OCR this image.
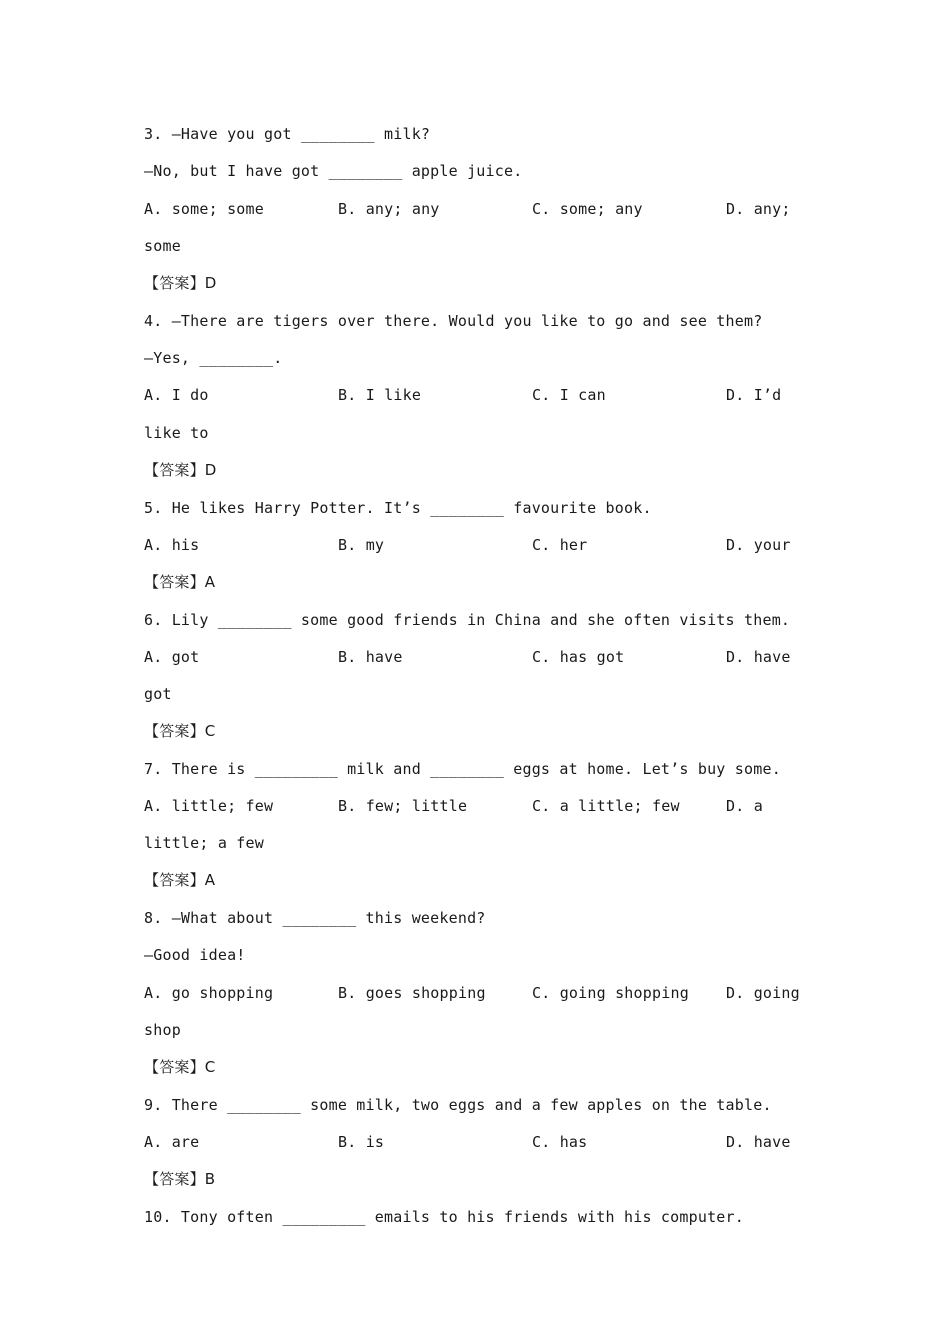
3. —Have you got ________ milk?
—No, but I have got ________ apple juice.
A. some; some	B. any; any	C. some; any	D. any;
some
【答案】D
4. —There are tigers over there. Would you like to go and see them?
—Yes, ________.
A. I do	B. I like	C. I can	D. I’d
like to
【答案】D
5. He likes Harry Potter. It’s ________ favourite book.
A. his	B. my	C. her	D. your
【答案】A
6. Lily ________ some good friends in China and she often visits them.
A. got	B. have	C. has got	D. have
got
【答案】C
7. There is _________ milk and ________ eggs at home. Let’s buy some.
A. little; few	B. few; little	C. a little; few	D. a
little; a few
【答案】A
8. —What about ________ this weekend?
—Good idea!
A. go shopping	B. goes shopping	C. going shopping D. going
shop
【答案】C
9. There ________ some milk, two eggs and a few apples on the table.
A. are	B. is	C. has	D. have
【答案】B
10. Tony often _________ emails to his friends with his computer.
